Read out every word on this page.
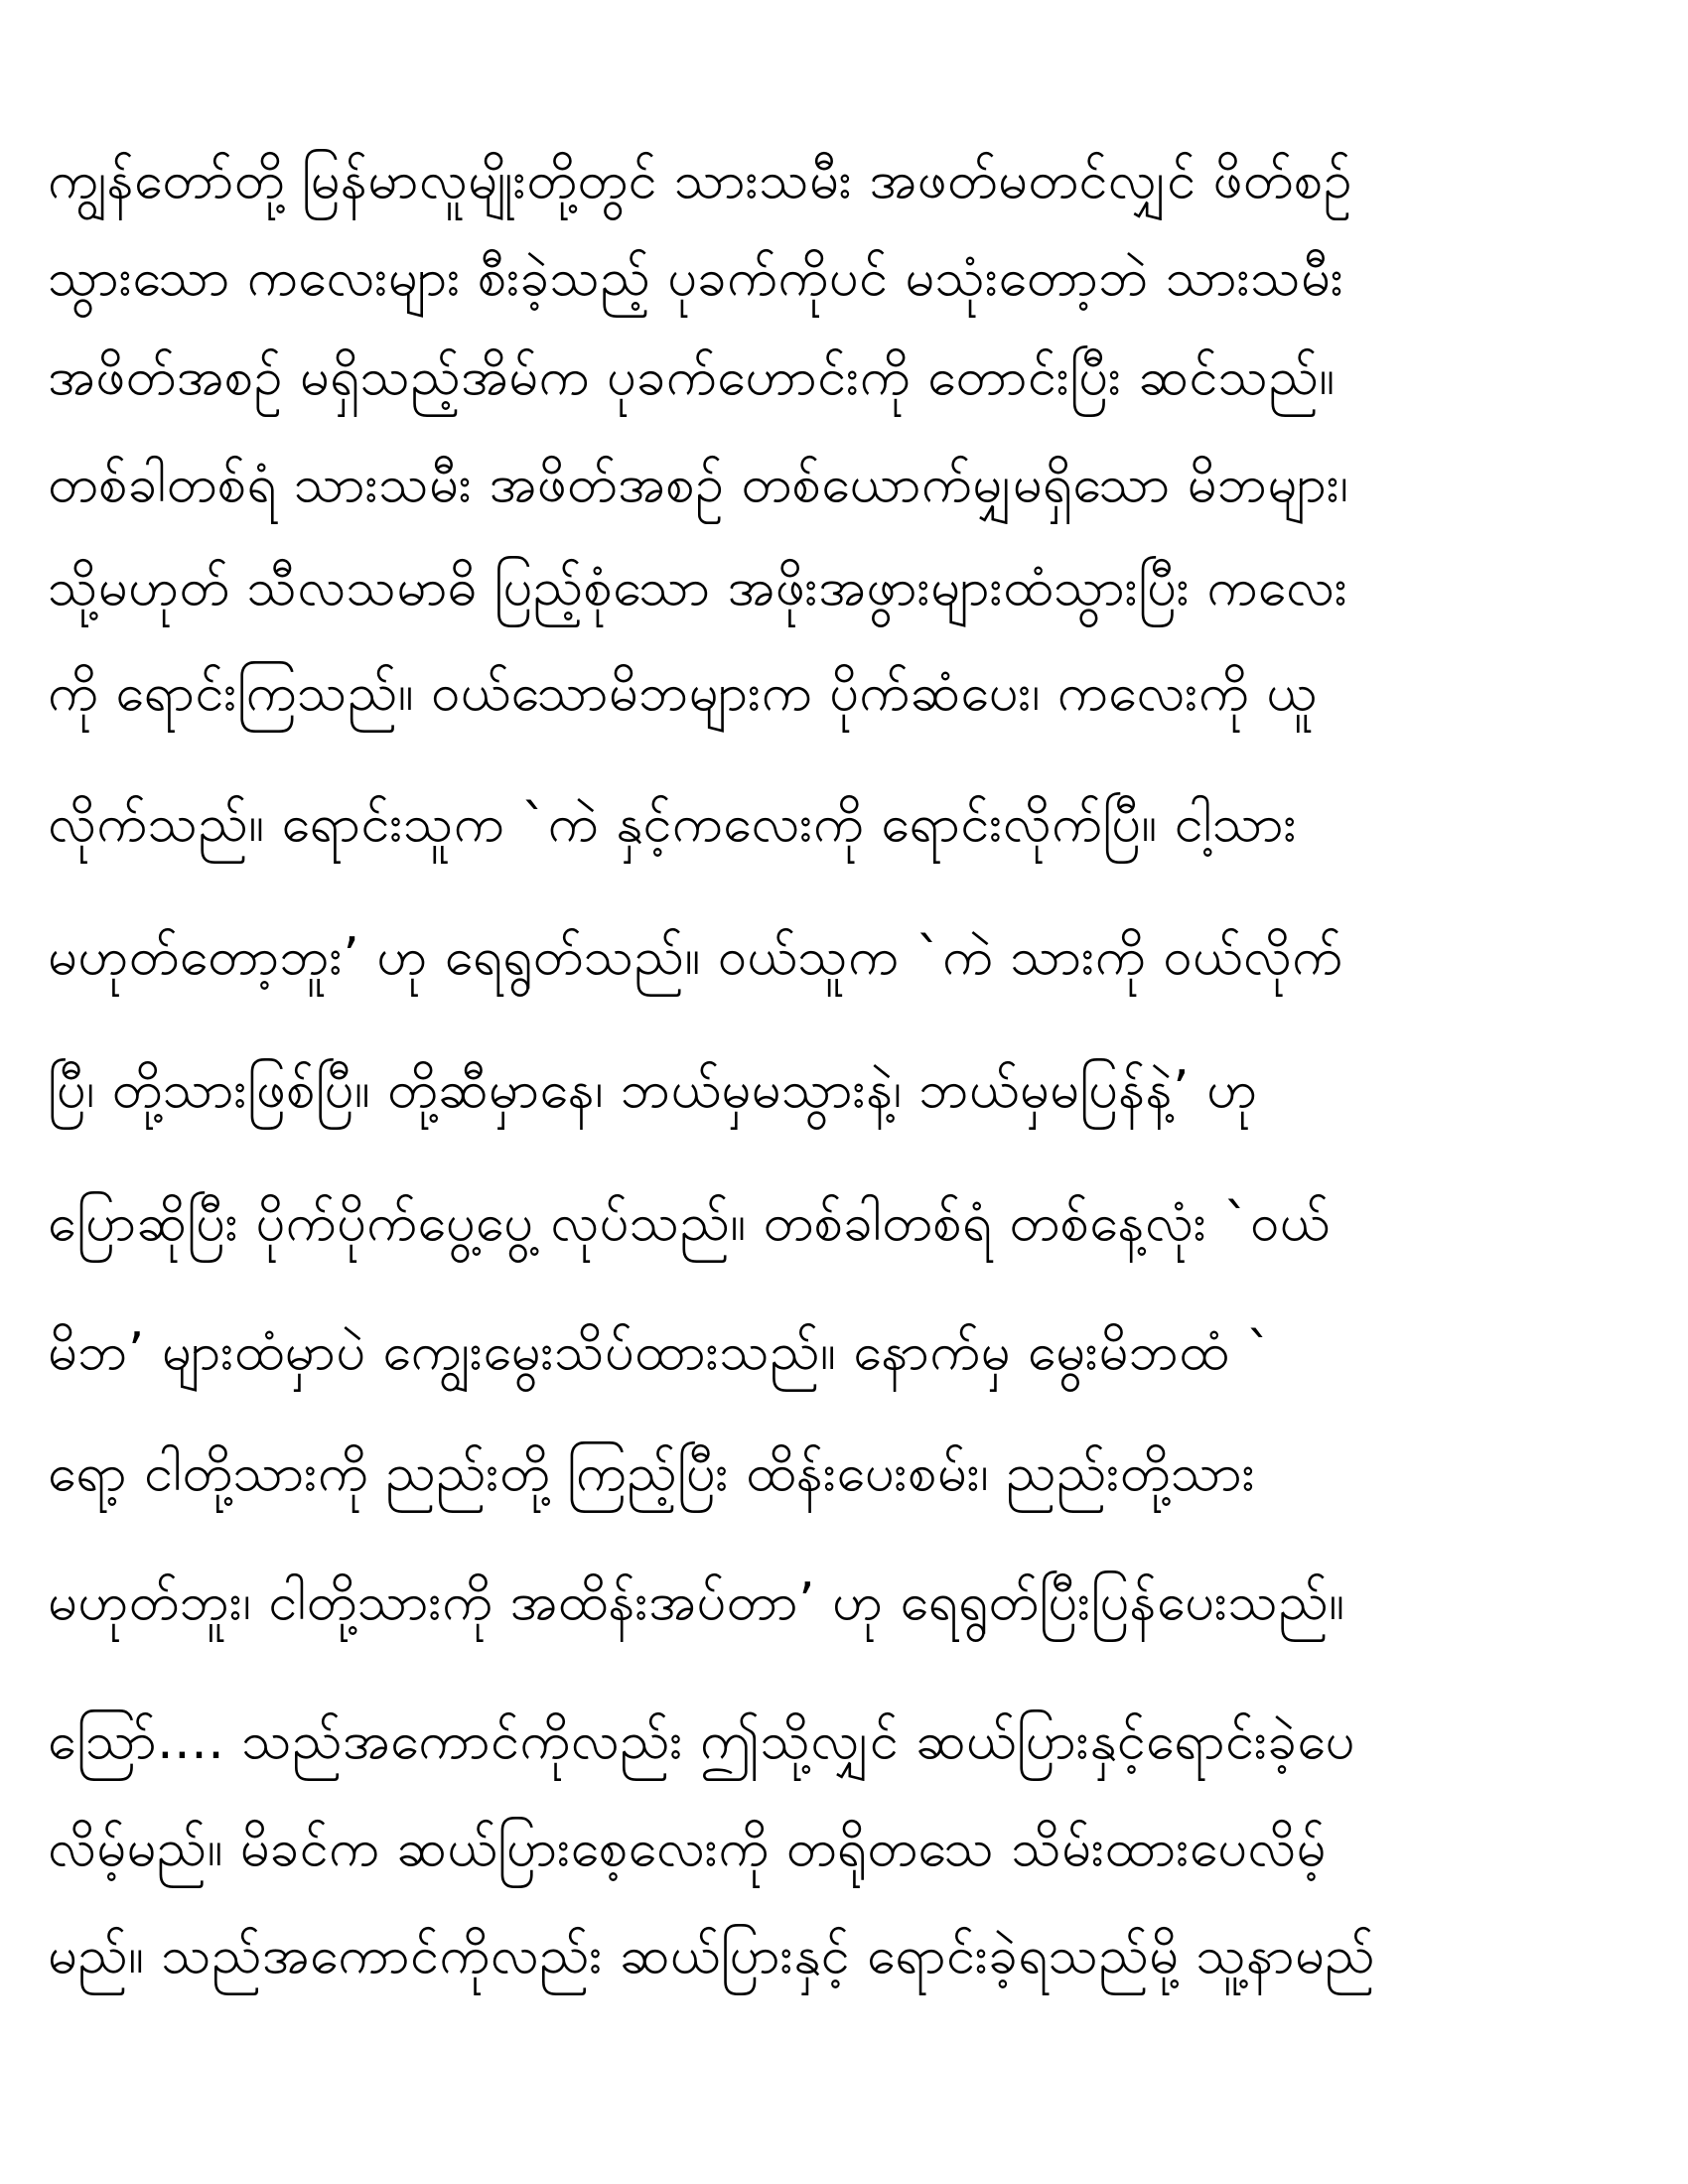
ကျွန်တော်တို့ မြန်မာလူမျိုးတို့တွင် သားသမီး အဖတ်မတင်လျှင် ဖိတ်စဉ်
သွားသော ကလေးများ စီးခဲ့သည့် ပုခက်ကိုပင် မသုံးတော့ဘဲ သားသမီး
အဖိတ်အစဉ် မရှိသည့်အိမ်က ပုခက်ဟောင်းကို တောင်းပြီး ဆင်သည်။
တစ်ခါတစ်ရံ သားသမီး အဖိတ်အစဉ် တစ်ယောက်မျှမရှိသော မိဘများ၊
သို့မဟုတ် သီလသမာဓိ ပြည့်စုံသော အဖိုးအဖွားများထံသွားပြီး ကလေး
ကို ရောင်းကြသည်။ ဝယ်သောမိဘများက ပိုက်ဆံပေး၊ ကလေးကို ယူ
လိုက်သည်။ ရောင်းသူက `ကဲ နှင့်ကလေးကို ရောင်းလိုက်ပြီ။ ငါ့သား
မဟုတ်တော့ဘူး’ ဟု ရေရွတ်သည်။ ဝယ်သူက `ကဲ သားကို ဝယ်လိုက်
ပြီ၊ တို့သားဖြစ်ပြီ။ တို့ဆီမှာနေ၊ ဘယ်မှမသွားနဲ့၊ ဘယ်မှမပြန်နဲ့’ ဟု
ပြောဆိုပြီး ပိုက်ပိုက်ပွေ့ပွေ့ လုပ်သည်။ တစ်ခါတစ်ရံ တစ်နေ့လုံး `ဝယ်
မိဘ’ များထံမှာပဲ ကျွေးမွေးသိပ်ထားသည်။ နောက်မှ မွေးမိဘထံ `
ရော့ ငါတို့သားကို ညည်းတို့ ကြည့်ပြီး ထိန်းပေးစမ်း၊ ညည်းတို့သား
မဟုတ်ဘူး၊ ငါတို့သားကို အထိန်းအပ်တာ’ ဟု ရေရွတ်ပြီးပြန်ပေးသည်။
သြော်.... သည်အကောင်ကိုလည်း ဤသို့လျှင် ဆယ်ပြားနှင့်ရောင်းခဲ့ပေ
လိမ့်မည်။ မိခင်က ဆယ်ပြားစေ့လေးကို တရိုတသေ သိမ်းထားပေလိမ့်
မည်။ သည်အကောင်ကိုလည်း ဆယ်ပြားနှင့် ရောင်းခဲ့ရသည်မို့ သူ့နာမည်
